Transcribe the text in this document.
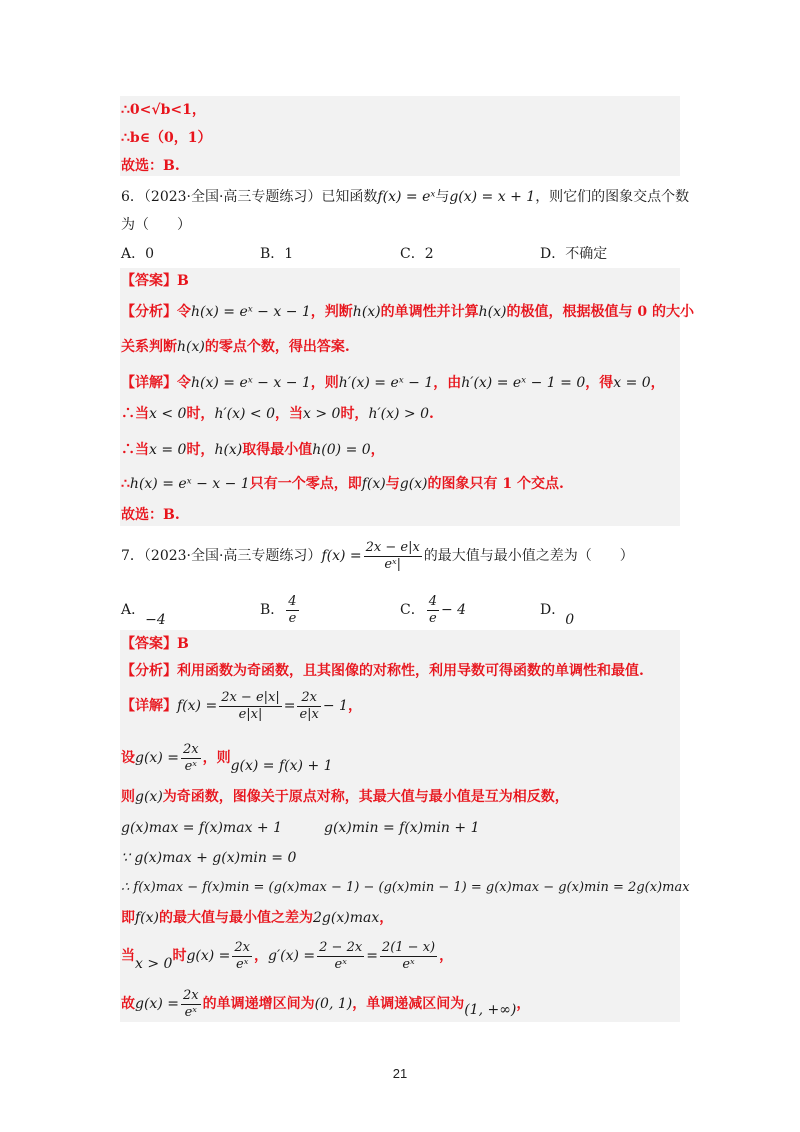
∴0<√b<1，
∴b∈（0，1）
故选：B.
6．（2023·全国·高三专题练习）已知函数f(x) = eˣ与g(x) = x + 1，则它们的图象交点个数
为（　　）
A．0	B．1	C．2	D．不确定
【答案】B
【分析】令h(x) = eˣ − x − 1，判断h(x)的单调性并计算h(x)的极值，根据极值与 0 的大小
关系判断h(x)的零点个数，得出答案.
【详解】令h(x) = eˣ − x − 1，则h′(x) = eˣ − 1，由h′(x) = eˣ − 1 = 0，得x = 0，
∴当x < 0时，h′(x) < 0，当x > 0时，h′(x) > 0.
∴当x = 0时，h(x)取得最小值h(0) = 0，
∴h(x) = eˣ − x − 1只有一个零点，即f(x)与g(x)的图象只有 1 个交点.
故选：B.
7．（2023·全国·高三专题练习）$f(x) = \frac{2x - e|x}{\text{eˣ|}}$ 的最大值与最小值之差为（　　）
A．−4
B． $\frac{4}{e}$	C． $\frac{4}{e} - 4$	D．0
【答案】B
【分析】利用函数为奇函数，且其图像的对称性，利用导数可得函数的单调性和最值.
【详解】$f(x) = \frac{2x - e|x|}{e|x|} = \frac{2x}{e|x} - 1$，
设$g(x) = \frac{2x}{\text{eˣ}}$ ，则g(x) = f(x) + 1
则g(x)为奇函数，图像关于原点对称，其最大值与最小值是互为相反数，
g(x)max = f(x)max + 1　　　g(x)min = f(x)min + 1
∵ g(x)max + g(x)min = 0
∴ f(x)max − f(x)min = (g(x)max − 1) − (g(x)min − 1) = g(x)max − g(x)min = 2g(x)max
即f(x)的最大值与最小值之差为2g(x)max，
当x > 0时$g(x) = \frac{2x}{\text{eˣ}}$ ，$g'(x) = \frac{2 - 2x}{\text{eˣ}} = \frac{2(1 - x)}{\text{eˣ}}$ ，
故$g(x) = \frac{2x}{\text{eˣ}}$ 的单调递增区间为(0, 1)，单调递减区间为(1, +∞)，
21
